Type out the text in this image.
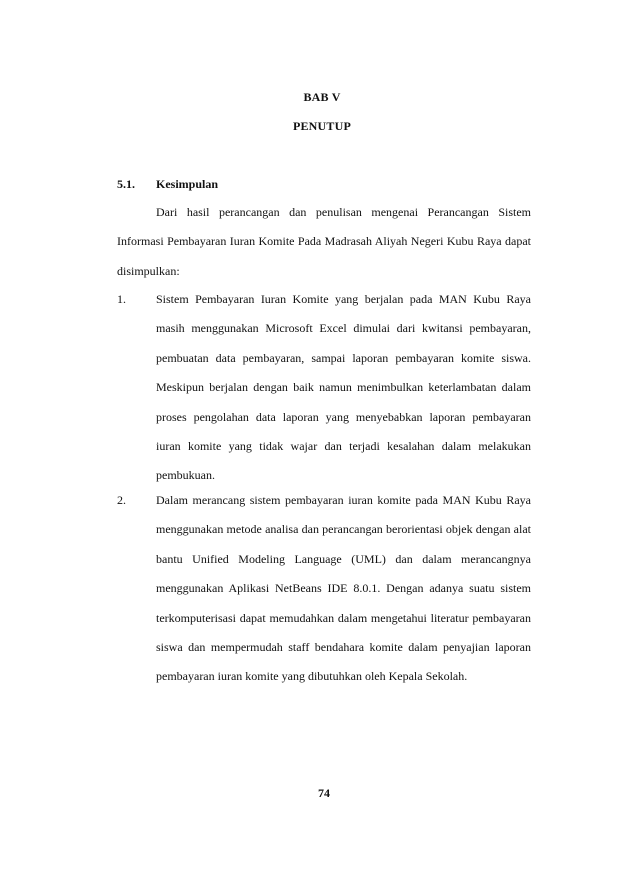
BAB V
PENUTUP
5.1. Kesimpulan
Dari hasil perancangan dan penulisan mengenai Perancangan Sistem Informasi Pembayaran Iuran Komite Pada Madrasah Aliyah Negeri Kubu Raya dapat disimpulkan:
1.	Sistem Pembayaran Iuran Komite yang berjalan pada MAN Kubu Raya masih menggunakan Microsoft Excel dimulai dari kwitansi pembayaran, pembuatan data pembayaran, sampai laporan pembayaran komite siswa. Meskipun berjalan dengan baik namun menimbulkan keterlambatan dalam proses pengolahan data laporan yang menyebabkan laporan pembayaran iuran komite yang tidak wajar dan terjadi kesalahan dalam melakukan pembukuan.
2.	Dalam merancang sistem pembayaran iuran komite pada MAN Kubu Raya menggunakan metode analisa dan perancangan berorientasi objek dengan alat bantu Unified Modeling Language (UML) dan dalam merancangnya menggunakan Aplikasi NetBeans IDE 8.0.1. Dengan adanya suatu sistem terkomputerisasi dapat memudahkan dalam mengetahui literatur pembayaran siswa dan mempermudah staff bendahara komite dalam penyajian laporan pembayaran iuran komite yang dibutuhkan oleh Kepala Sekolah.
74
